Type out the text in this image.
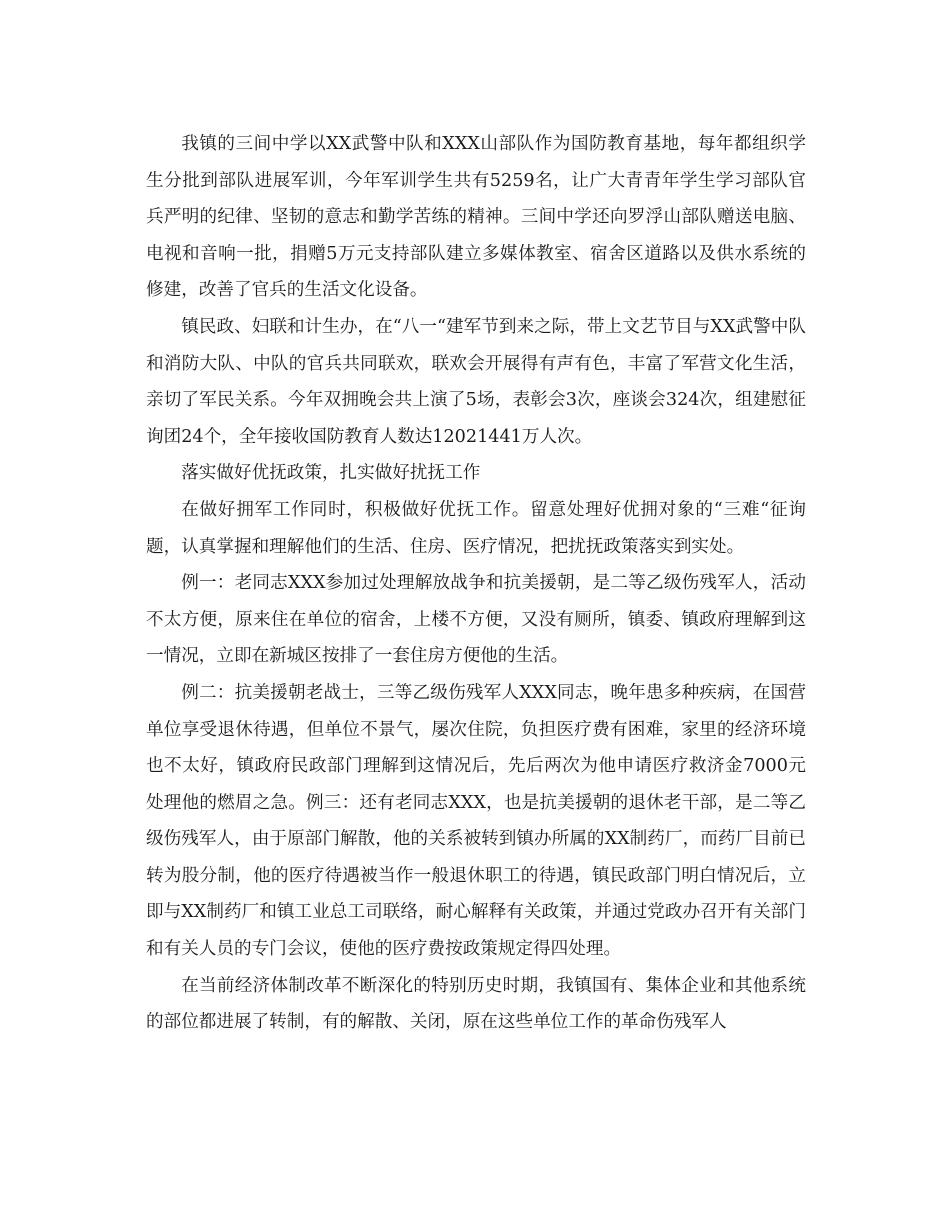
我镇的三间中学以XX武警中队和XXX山部队作为国防教育基地，每年都组织学生分批到部队进展军训，今年军训学生共有5259名，让广大青青年学生学习部队官兵严明的纪律、坚韧的意志和勤学苦练的精神。三间中学还向罗浮山部队赠送电脑、电视和音响一批，捐赠5万元支持部队建立多媒体教室、宿舍区道路以及供水系统的修建，改善了官兵的生活文化设备。

镇民政、妇联和计生办，在“八一“建军节到来之际，带上文艺节目与XX武警中队和消防大队、中队的官兵共同联欢，联欢会开展得有声有色，丰富了军营文化生活，亲切了军民关系。今年双拥晚会共上演了5场，表彰会3次，座谈会324次，组建慰征询团24个，全年接收国防教育人数达12021441万人次。

落实做好优抚政策，扎实做好扰抚工作

在做好拥军工作同时，积极做好优抚工作。留意处理好优拥对象的“三难“征询题，认真掌握和理解他们的生活、住房、医疗情况，把扰抚政策落实到实处。

例一：老同志XXX参加过处理解放战争和抗美援朝，是二等乙级伤残军人，活动不太方便，原来住在单位的宿舍，上楼不方便，又没有厕所，镇委、镇政府理解到这一情况，立即在新城区按排了一套住房方便他的生活。

例二：抗美援朝老战士，三等乙级伤残军人XXX同志，晚年患多种疾病，在国营单位享受退休待遇，但单位不景气，屡次住院，负担医疗费有困难，家里的经济环境也不太好，镇政府民政部门理解到这情况后，先后两次为他申请医疗救济金7000元处理他的燃眉之急。例三：还有老同志XXX，也是抗美援朝的退休老干部，是二等乙级伤残军人，由于原部门解散，他的关系被转到镇办所属的XX制药厂，而药厂目前已转为股分制，他的医疗待遇被当作一般退休职工的待遇，镇民政部门明白情况后，立即与XX制药厂和镇工业总工司联络，耐心解释有关政策，并通过党政办召开有关部门和有关人员的专门会议，使他的医疗费按政策规定得四处理。

在当前经济体制改革不断深化的特别历史时期，我镇国有、集体企业和其他系统的部位都进展了转制，有的解散、关闭，原在这些单位工作的革命伤残军人
